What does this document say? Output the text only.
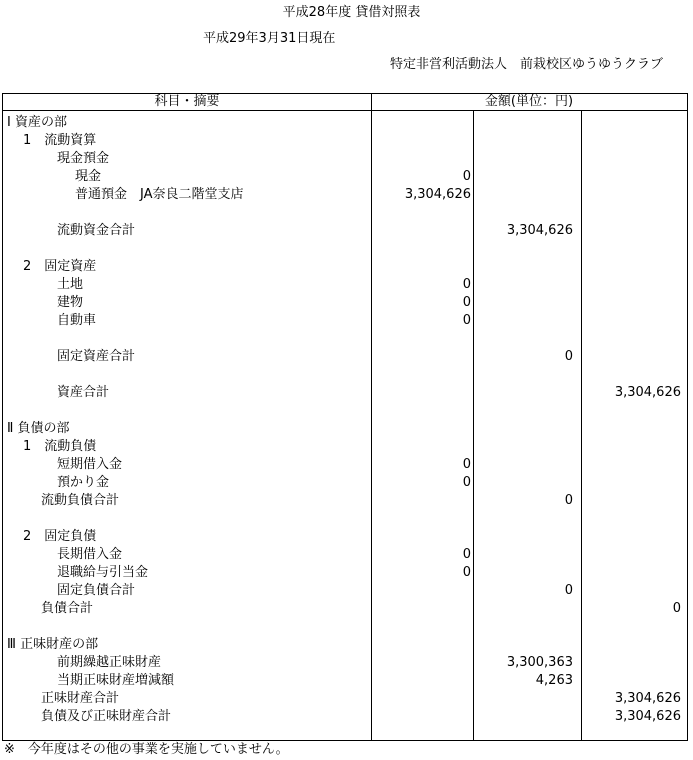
平成28年度 貸借対照表
平成29年3月31日現在
特定非営利活動法人　前栽校区ゆうゆうクラブ
科目・摘要	金額(単位：円)
Ⅰ 資産の部
1　流動資算
現金預金
現金	0
普通預金　JA奈良二階堂支店	3,304,626
流動資金合計	3,304,626
2　固定資産
土地	0
建物	0
自動車	0
固定資産合計	0
資産合計	3,304,626
Ⅱ 負債の部
1　流動負債
短期借入金	0
預かり金	0
流動負債合計	0
2　固定負債
長期借入金	0
退職給与引当金	0
固定負債合計	0
負債合計	0
Ⅲ 正味財産の部
前期繰越正味財産	3,300,363
当期正味財産増減額	4,263
正味財産合計	3,304,626
負債及び正味財産合計	3,304,626
※　今年度はその他の事業を実施していません。
